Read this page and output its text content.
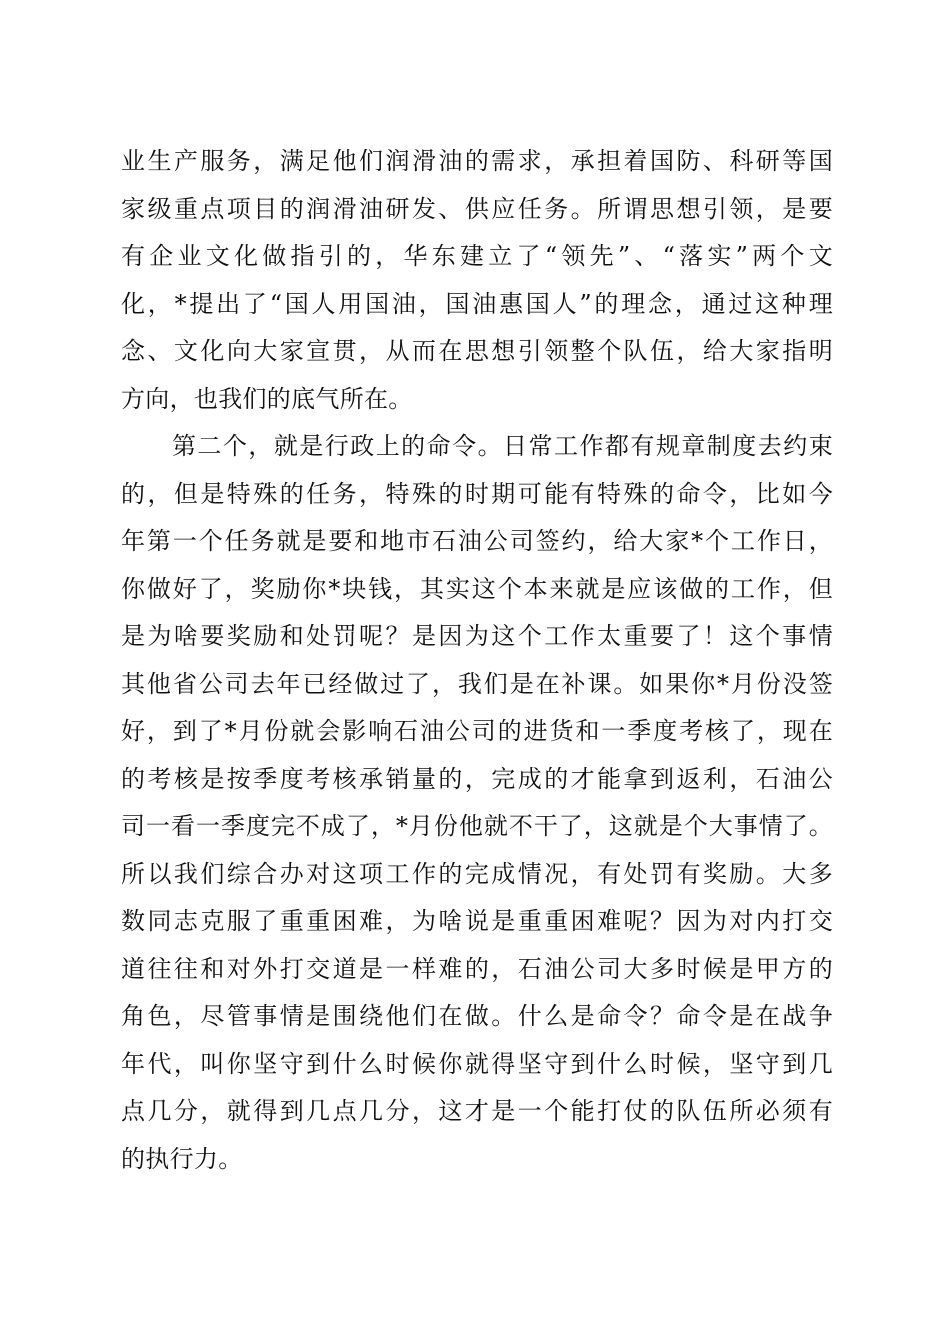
业生产服务，满足他们润滑油的需求，承担着国防、科研等国
家级重点项目的润滑油研发、供应任务。所谓思想引领，是要
有企业文化做指引的，华东建立了“领先”、“落实”两个文
化，*提出了“国人用国油，国油惠国人”的理念，通过这种理
念、文化向大家宣贯，从而在思想引领整个队伍，给大家指明
方向，也我们的底气所在。
　　第二个，就是行政上的命令。日常工作都有规章制度去约束
的，但是特殊的任务，特殊的时期可能有特殊的命令，比如今
年第一个任务就是要和地市石油公司签约，给大家*个工作日，
你做好了，奖励你*块钱，其实这个本来就是应该做的工作，但
是为啥要奖励和处罚呢？是因为这个工作太重要了！这个事情
其他省公司去年已经做过了，我们是在补课。如果你*月份没签
好，到了*月份就会影响石油公司的进货和一季度考核了，现在
的考核是按季度考核承销量的，完成的才能拿到返利，石油公
司一看一季度完不成了，*月份他就不干了，这就是个大事情了。
所以我们综合办对这项工作的完成情况，有处罚有奖励。大多
数同志克服了重重困难，为啥说是重重困难呢？因为对内打交
道往往和对外打交道是一样难的，石油公司大多时候是甲方的
角色，尽管事情是围绕他们在做。什么是命令？命令是在战争
年代，叫你坚守到什么时候你就得坚守到什么时候，坚守到几
点几分，就得到几点几分，这才是一个能打仗的队伍所必须有
的执行力。
